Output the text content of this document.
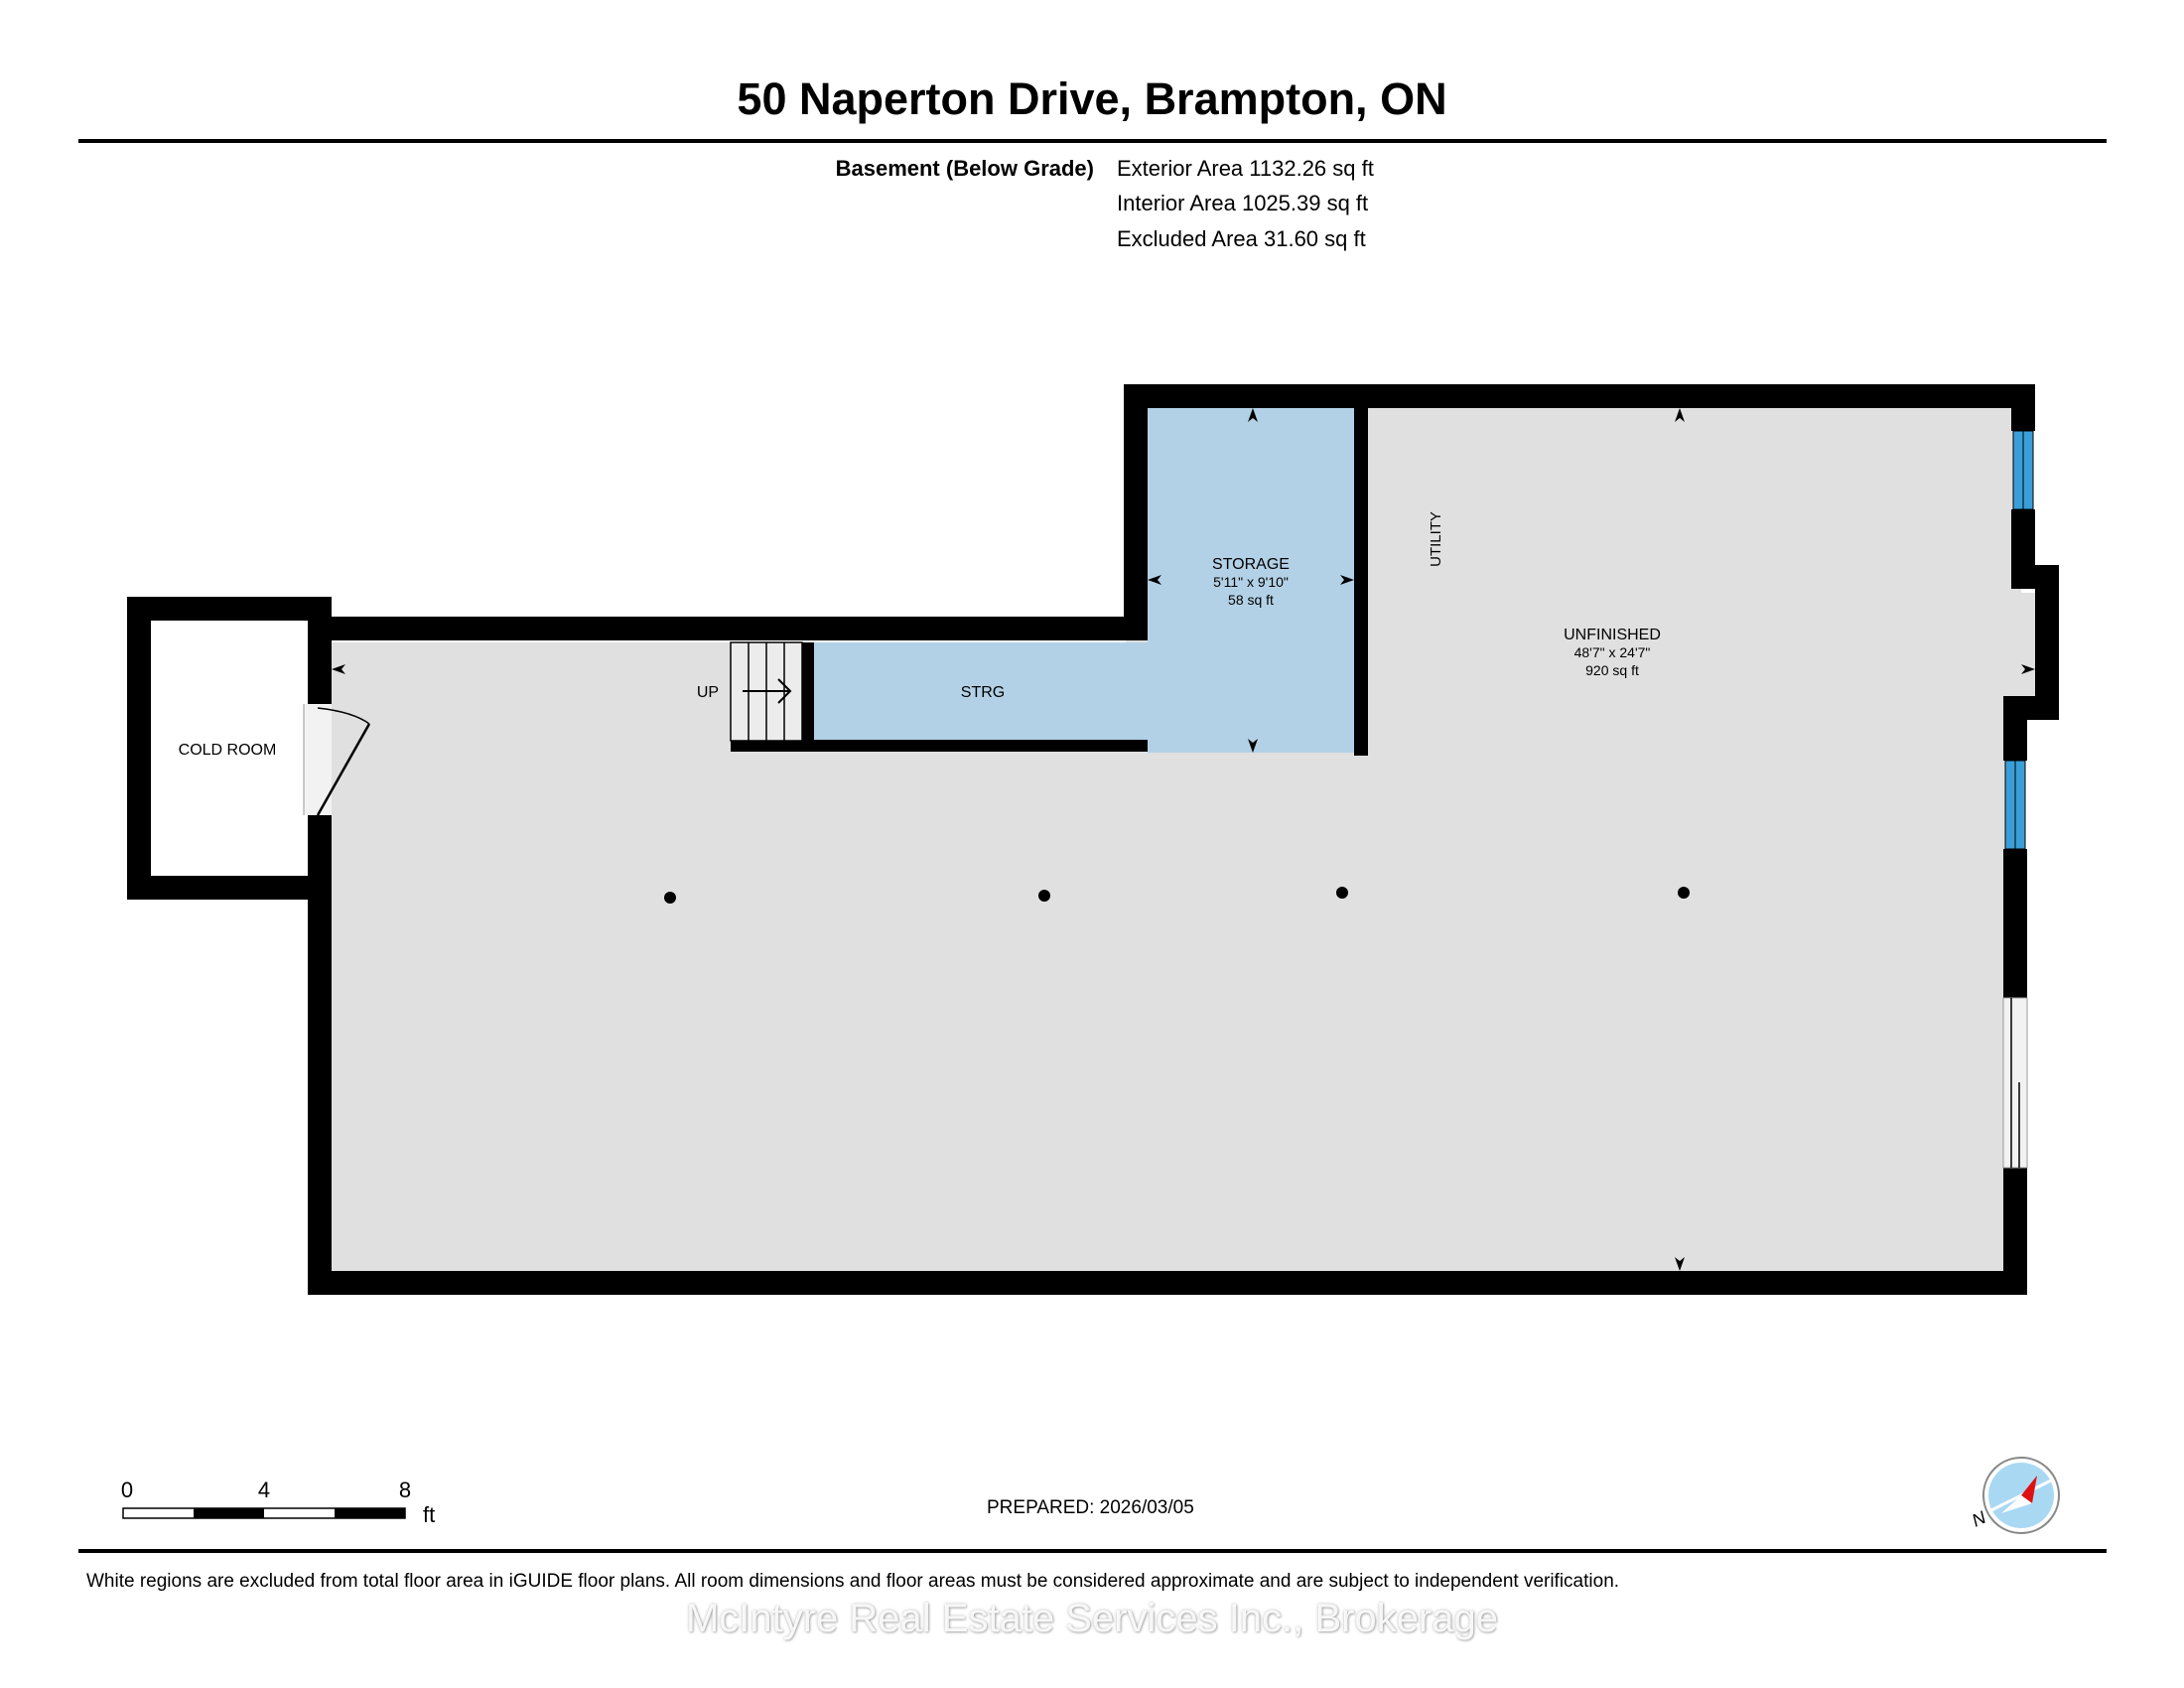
50 Naperton Drive, Brampton, ON
Basement (Below Grade) Exterior Area 1132.26 sq ft
Interior Area 1025.39 sq ft
Excluded Area 31.60 sq ft
STORAGE
5'11" x 9'10"
58 sq ft
UNFINISHED
48'7" x 24'7"
920 sq ft
UTILITY
STRG
COLD ROOM
UP
0	4	8
ft	N
PREPARED: 2026/03/05
White regions are excluded from total floor area in iGUIDE floor plans. All room dimensions and floor areas must be considered approximate and are subject to independent verification.
McIntyre Real Estate Services Inc., Brokerage
